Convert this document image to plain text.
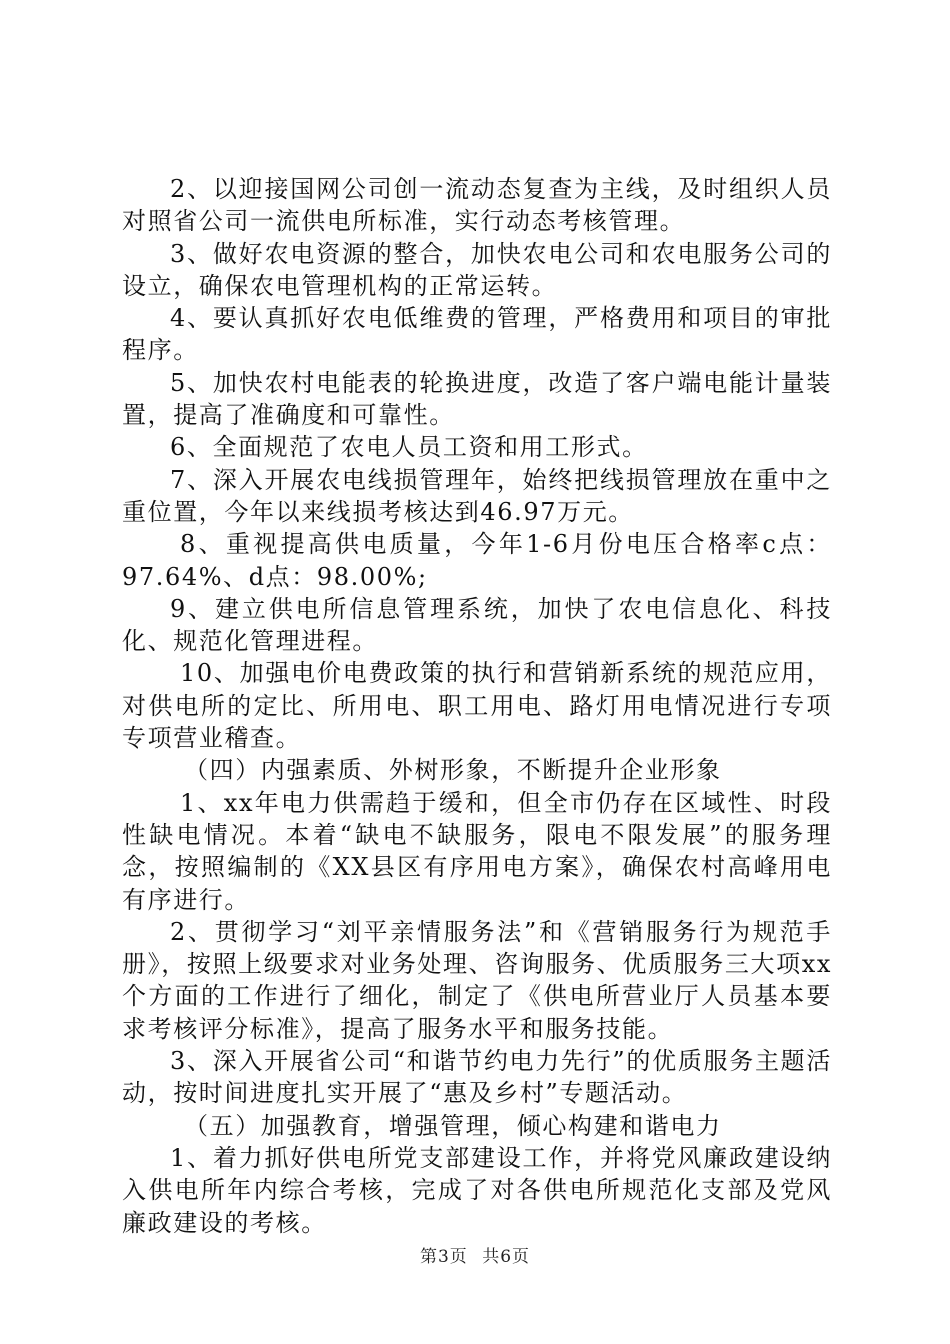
2、以迎接国网公司创一流动态复查为主线，及时组织人员对照省公司一流供电所标准，实行动态考核管理。

3、做好农电资源的整合，加快农电公司和农电服务公司的设立，确保农电管理机构的正常运转。

4、要认真抓好农电低维费的管理，严格费用和项目的审批程序。

5、加快农村电能表的轮换进度，改造了客户端电能计量装置，提高了准确度和可靠性。

6、全面规范了农电人员工资和用工形式。

7、深入开展农电线损管理年，始终把线损管理放在重中之重位置，今年以来线损考核达到46.97万元。

8、重视提高供电质量，今年1-6月份电压合格率c点：97.64%、d点：98.00%;

9、建立供电所信息管理系统，加快了农电信息化、科技化、规范化管理进程。

10、加强电价电费政策的执行和营销新系统的规范应用，对供电所的定比、所用电、职工用电、路灯用电情况进行专项专项营业稽查。

（四）内强素质、外树形象，不断提升企业形象

1、xx年电力供需趋于缓和，但全市仍存在区域性、时段性缺电情况。本着“缺电不缺服务，限电不限发展”的服务理念，按照编制的《XX县区有序用电方案》，确保农村高峰用电有序进行。

2、贯彻学习“刘平亲情服务法”和《营销服务行为规范手册》，按照上级要求对业务处理、咨询服务、优质服务三大项xx个方面的工作进行了细化，制定了《供电所营业厅人员基本要求考核评分标准》，提高了服务水平和服务技能。

3、深入开展省公司“和谐节约电力先行”的优质服务主题活动，按时间进度扎实开展了“惠及乡村”专题活动。

（五）加强教育，增强管理，倾心构建和谐电力

1、着力抓好供电所党支部建设工作，并将党风廉政建设纳入供电所年内综合考核，完成了对各供电所规范化支部及党风廉政建设的考核。

第3页 共6页
